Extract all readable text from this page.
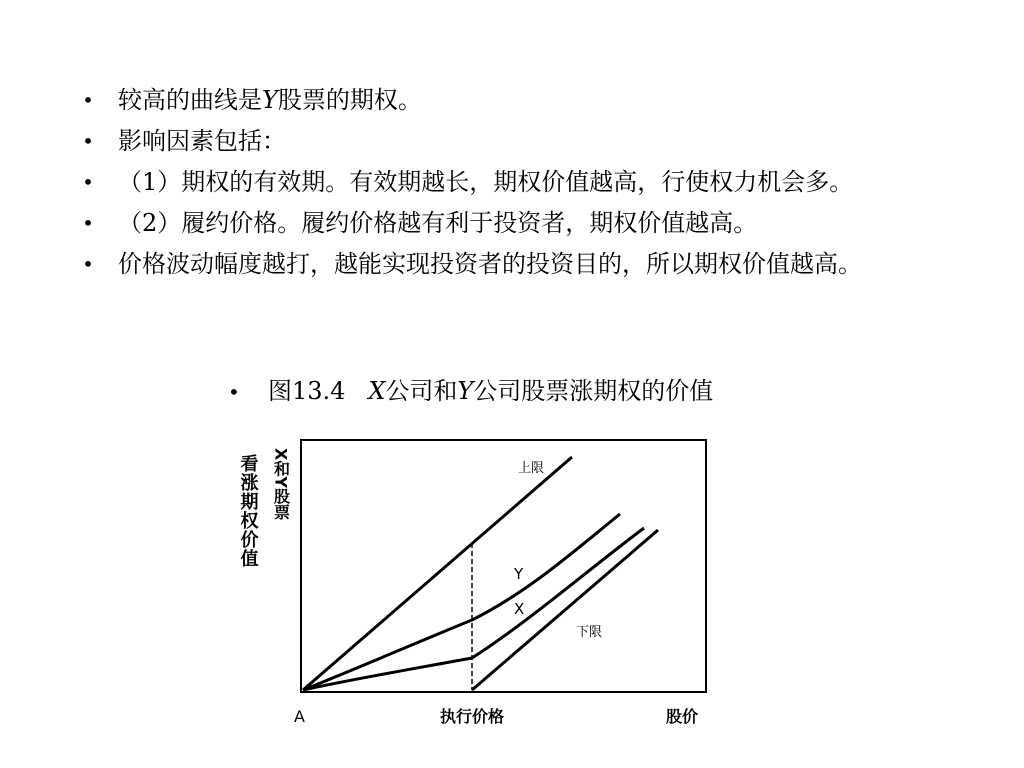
• 较高的曲线是Y股票的期权。
• 影响因素包括：
• （1）期权的有效期。有效期越长，期权价值越高，行使权力机会多。
• （2）履约价格。履约价格越有利于投资者，期权价值越高。
• 价格波动幅度越打，越能实现投资者的投资目的，所以期权价值越高。
• 图13.4   X公司和Y公司股票涨期权的价值
上限
Y
X
下限
看涨期权价值 X和Y股票
A	执行价格	股价
